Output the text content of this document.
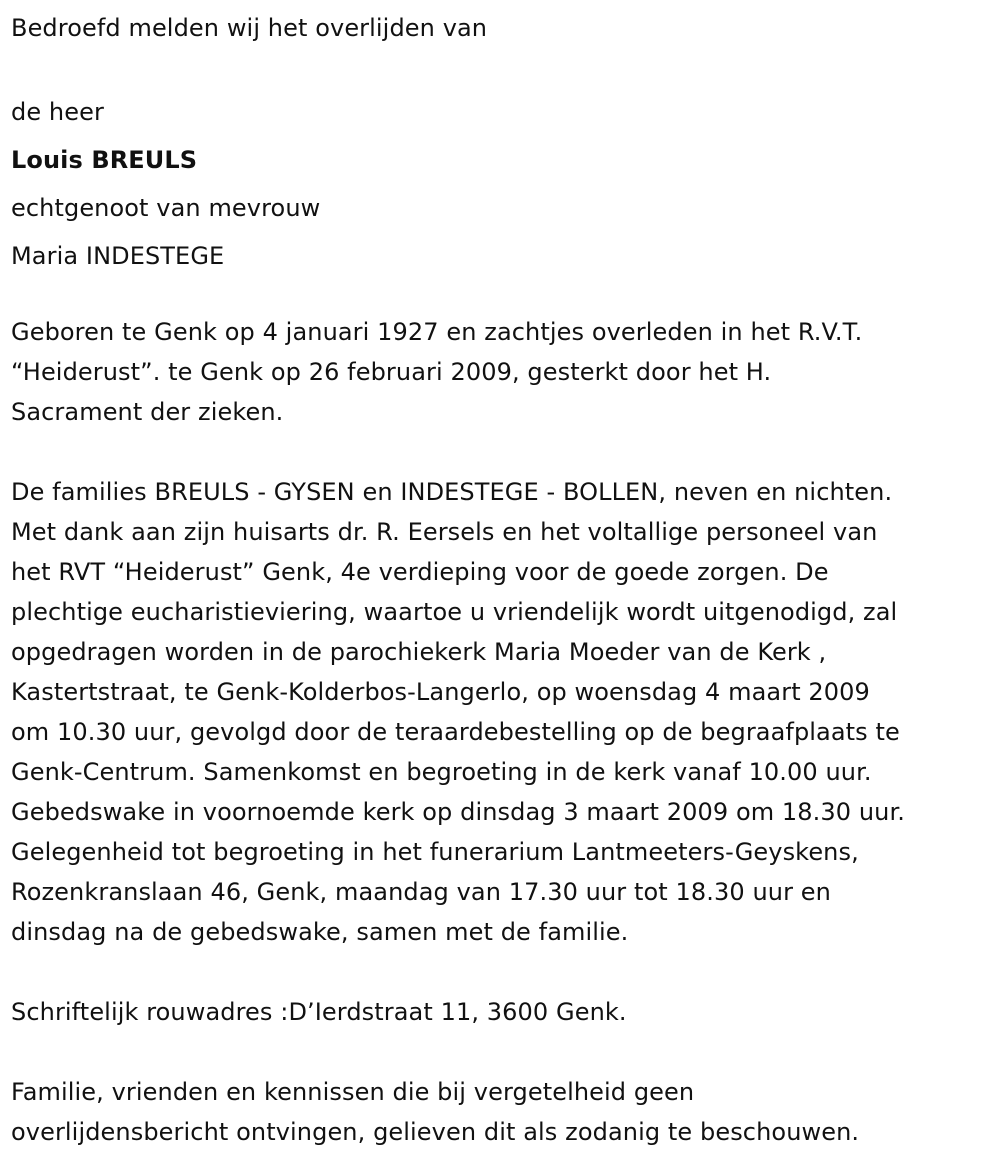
Bedroefd melden wij het overlijden van
de heer
Louis BREULS
echtgenoot van mevrouw
Maria INDESTEGE
Geboren te Genk op 4 januari 1927 en zachtjes overleden in het R.V.T.
“Heiderust”. te Genk op 26 februari 2009, gesterkt door het H.
Sacrament der zieken.
De families BREULS - GYSEN en INDESTEGE - BOLLEN, neven en nichten.
Met dank aan zijn huisarts dr. R. Eersels en het voltallige personeel van
het RVT “Heiderust” Genk, 4e verdieping voor de goede zorgen. De
plechtige eucharistieviering, waartoe u vriendelijk wordt uitgenodigd, zal
opgedragen worden in de parochiekerk Maria Moeder van de Kerk ,
Kastertstraat, te Genk-Kolderbos-Langerlo, op woensdag 4 maart 2009
om 10.30 uur, gevolgd door de teraardebestelling op de begraafplaats te
Genk-Centrum. Samenkomst en begroeting in de kerk vanaf 10.00 uur.
Gebedswake in voornoemde kerk op dinsdag 3 maart 2009 om 18.30 uur.
Gelegenheid tot begroeting in het funerarium Lantmeeters-Geyskens,
Rozenkranslaan 46, Genk, maandag van 17.30 uur tot 18.30 uur en
dinsdag na de gebedswake, samen met de familie.
Schriftelijk rouwadres :D’Ierdstraat 11, 3600 Genk.
Familie, vrienden en kennissen die bij vergetelheid geen
overlijdensbericht ontvingen, gelieven dit als zodanig te beschouwen.
